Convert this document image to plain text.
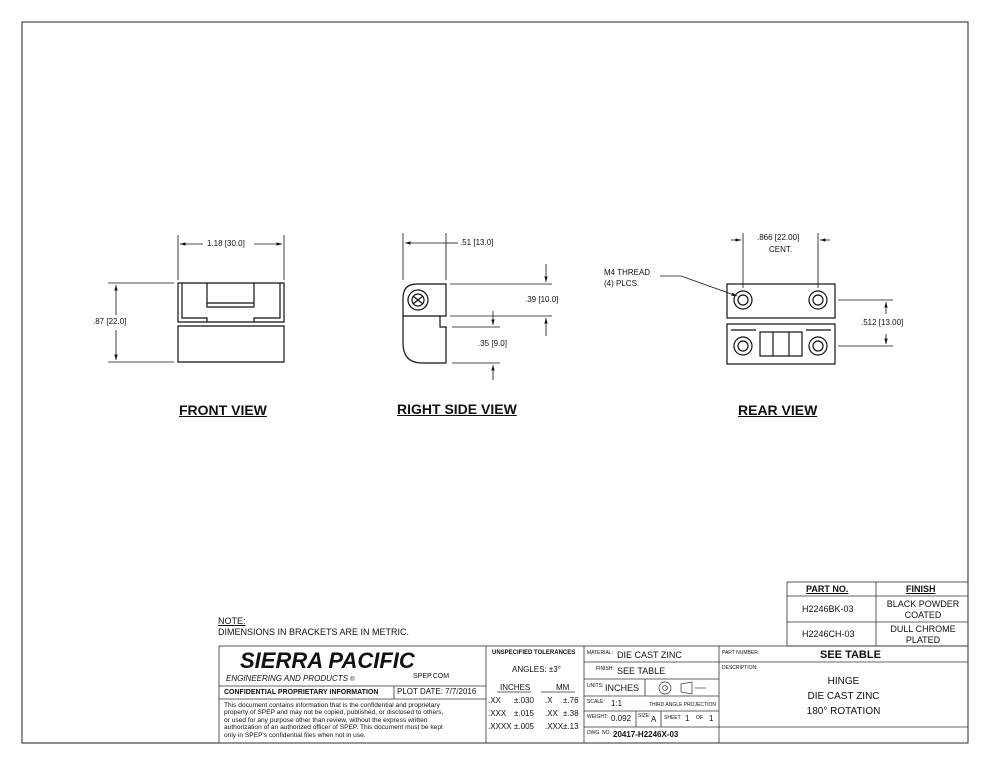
FRONT VIEW	RIGHT SIDE VIEW	REAR VIEW
1.18 [30.0]
.87 [22.0]
.51 [13.0]
.39 [10.0]
.35 [9.0]
.866 [22.00]
CENT.
.512 [13.00]
M4 THREAD
(4) PLCS.
NOTE:
DIMENSIONS IN BRACKETS ARE IN METRIC.
PART NO.	FINISH
H2246BK-03	BLACK POWDER
COATED
H2246CH-03	DULL CHROME
PLATED
SIERRA PACIFIC
ENGINEERING AND PRODUCTS ®	SPEP.COM
CONFIDENTIAL PROPRIETARY INFORMATION PLOT DATE: 7/7/2016
This document contains information that is the confidential and proprietary
property of SPEP and may not be copied, published, or disclosed to others,
or used for any purpose other than review, without the express written
authorization of an authorized officer of SPEP. This document must be kept
only in SPEP's confidential files when not in use.
UNSPECIFIED TOLERANCES
ANGLES: ±3°
INCHES	MM
.XX ±.030 .X ±.76
.XXX ±.015 .XX ±.38
.XXXX ±.005 .XXX ±.13
MATERIAL: DIE CAST ZINC
FINISH: SEE TABLE
UNITS: INCHES
SCALE: 1:1	THIRD ANGLE PROJECTION
WEIGHT: 0.092 SIZE: A SHEET 1 OF 1
DWG. NO. 20417-H2246X-03
PART NUMBER:	SEE TABLE
DESCRIPTION:
HINGE
DIE CAST ZINC
180° ROTATION
